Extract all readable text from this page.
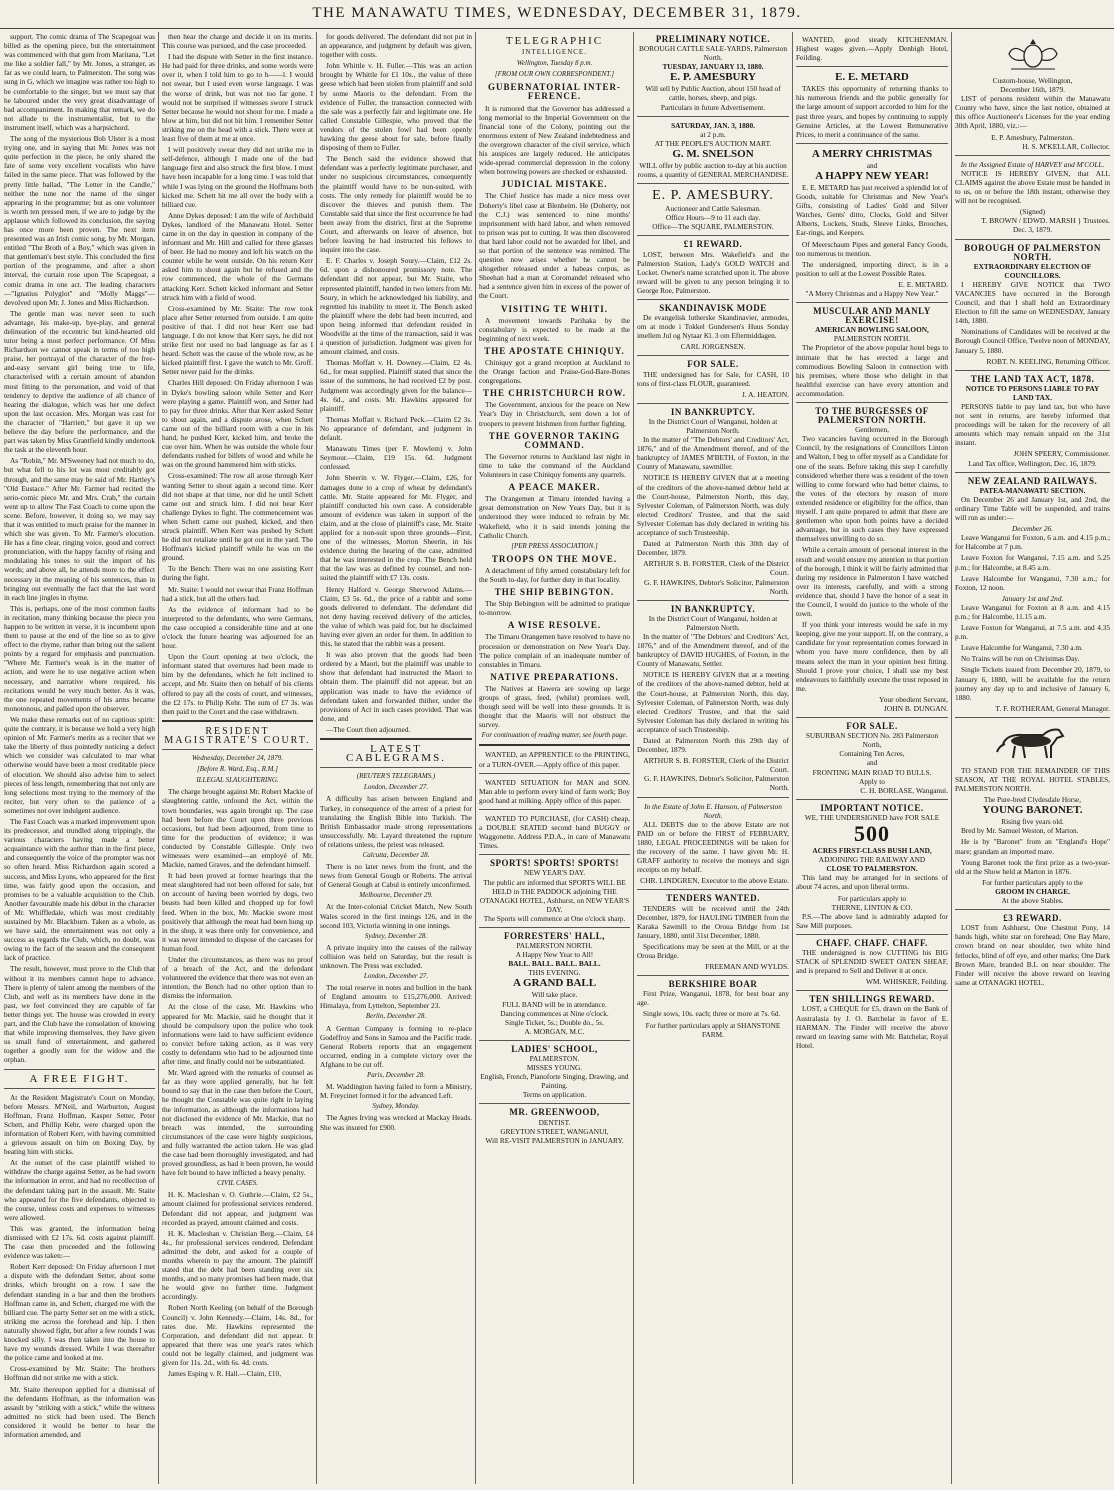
THE MANAWATU TIMES, WEDNESDAY, DECEMBER 31, 1879.

support. The comic drama of The Scapegoat was billed as the opening piece, but the entertainment was commenced with that gem from Maritana, "Let me like a soldier fall," by Mr. Jones, a stranger, as far as we could learn, to Palmerston. The song was sung in G, which we imagine was rather too high to be comfortable to the singer, but we must say that he laboured under the very great disadvantage of bad accompaniment. In making that remark, we do not allude to the instrumentalist, but to the instrument itself, which was a harpsichord.

The song of the mysterious Bob Ulster is a most trying one, and in saying that Mr. Jones was not quite perfection in the piece, he only shared the fate of some very excellent vocalists who have failed in the same piece. That was followed by the pretty little ballad, "The Letter in the Candle," neither the tune nor the name of the singer appearing in the programme; but as one volunteer is worth ten pressed men, if we are to judge by the applause which followed its conclusion, the saying has once more been proven. The next item presented was an Irish comic song, by Mr. Morgan, entitled "The Broth of a Boy," which was given in that gentleman's best style. This concluded the first portion of the programme, and after a short interval, the curtain rose upon The Scapegoat, a comic drama in one act. The leading characters—"Ignatius Polyglot" and "Molly Maggs"—devolved upon Mr. J. Jones and Miss Richardson.

The gentle man was never seen to such advantage, his make-up, bye-play, and general delineation of the eccentric but kind-hearted old tutor being a most perfect performance. Of Miss Richardson we cannot speak in terms of too high praise, her portrayal of the character of the free-and-easy servant girl being true to life, characterised with a certain amount of abandon most fitting to the personation, and void of that tendency to deprive the audience of all chance of hearing the dialogue, which was her one defect upon the last occasion. Mrs. Morgan was cast for the character of "Harriett," but gave it up we believe the day before the performance, and the part was taken by Miss Grantfield kindly undertook the task at the eleventh hour.

As "Robin," Mr. M'Sweeney had not much to do, but what fell to his lot was most creditably got through, and the same may be said of Mr. Hartley's "Old Eustace." After Mr. Farmer had recited the serio-comic piece Mr. and Mrs. Crab," the curtain went up to allow The Fast Coach to come upon the scene. Before, however, it doing so, we may say that it was entitled to much praise for the manner in which she was given. To Mr. Farmer's elocution. He has a fine clear, ringing voice, good and correct pronunciation, with the happy faculty of rising and modulating his tones to suit the import of his words; and above all, he attends more to the effect necessary in the meaning of his sentences, than in bringing out eventually the fact that the last word in each line jingles in rhyme.

This is, perhaps, one of the most common faults in recitation, many thinking because the piece you happen to be written in verse, it is incumbent upon them to pause at the end of the line so as to give effect to the rhyme, rather than bring out the salient points by a regard for emphasis and punctuation. "Where Mr. Farmer's weak is in the matter of action, and were he to use negative action when necessary, and narrative where required, his recitations would be very much better. As it was, the one repeated movements of his arms became monotonous, and palled upon the observer.

We make these remarks out of no captious spirit: quite the contrary, it is because we hold a very high opinion of Mr. Farmer's merits as a reciter that we take the liberty of thus pointedly noticing a defect which we consider was calculated to mar what otherwise would have been a most creditable piece of elocution. We should also advise him to select pieces of less length, remembering that not only are long selections most trying to the memory of the reciter, but very often to the patience of a sometimes not over indulgent audience.

The Fast Coach was a marked improvement upon its predecessor, and trundled along trippingly, the various characters having made a better acquaintance with the author than in the first piece, and consequently the voice of the prompter was not so often heard. Miss Richardson again scored a success, and Miss Lyons, who appeared for the first time, was fairly good upon the occasion, and promises to be a valuable acquisition to the Club. Another favourable made his début in the character of Mr. Whiffledale, which was most creditably sustained by Mr. Blackburn. Taken as a whole, as we have said, the entertainment was not only a success as regards the Club, which, no doubt, was owing to the fact of the season and the consequent lack of practice.

The result, however, must prove to the Club that without it its members cannot hope to advance. There is plenty of talent among the members of the Club, and well as its members have done in the past, we feel convinced they are capable of far better things yet. The house was crowded in every part, and the Club have the consolation of knowing that while improving themselves, they have given us small fund of entertainment, and gathered together a goodly sum for the widow and the orphan.

A FREE FIGHT.

At the Resident Magistrate's Court on Monday, before Messrs. M'Neil, and Warburton, August Hoffman, Franz Hoffman, Kasper Setter, Peter Schett, and Phillip Kehr, were charged upon the information of Robert Kerr, with having committed a grievous assault on him on Boxing Day, by beating him with sticks.

At the outset of the case plaintiff wished to withdraw the charge against Setter, as he had sworn the information in error, and had no recollection of the defendant taking part in the assault. Mr. Staite who appeared for the five defendants, objected to the course, unless costs and expenses to witnesses were allowed.

This was granted, the information being dismissed with £2 17s. 6d. costs against plaintiff. The case then proceeded and the following evidence was taken:—

Robert Kerr deposed: On Friday afternoon I met a dispute with the defendant Setter, about some drinks, which brought on a row. I saw the defendant standing in a bar and then the brothers Hoffman came in, and Schett, charged me with the billiard cue. The party Setter set on me with a stick, striking me across the forehead and hip. I then naturally showed fight, but after a few rounds I was knocked silly. I was then taken into the house to have my wounds dressed. While I was thereafter the police came and looked at me.

Cross-examined by Mr. Staite: The brothers Hoffman did not strike me with a stick.

Mr. Staite thereupon applied for a dismissal of the defendants Hoffman, as the information was assault by "striking with a stick," while the witness admitted no stick had been used. The Bench considered it would be better to hear the information amended, and

then hear the charge and decide it on its merits. This course was pursued, and the case proceeded.

I had the dispute with Setter in the first instance. He had paid for three drinks, and some words were over it, when I told him to go to h——l. I would not swear, but I used even worse language. I was the worse of drink, but was not too far gone. I would not be surprised if witnesses swore I struck Setter because he would not shout for me. I made a blow at him, but did not hit him. I remember Setter striking me on the head with a stick. There were at least five of them at me at once.

I will positively swear they did not strike me in self-defence, although I made one of the bad language first and also struck the first blow. I must have been incapable for a long time. I was told that while I was lying on the ground the Hoffmans both kicked me. Schett hit me all over the body with a billiard cue.

Anne Dykes deposed: I am the wife of Archibald Dykes, landlord of the Manawatu Hotel. Setter came in on the day in question in company of the informant and Mr. Hill and called for three glasses of beer. He had no money and left his watch on the counter while he went outside. On his return Kerr asked him to shout again but he refused and the row commenced, the whole of the Germans attacking Kerr. Schett kicked informant and Setter struck him with a field of wood.

Cross-examined by Mr. Staite: The row took place after Setter returned from outside. I am quite positive of that. I did not hear Kerr use bad language. I do not know that Kerr says, he did not strike first nor used no bad language as far as I heard. Schett was the cause of the whole row, as he kicked plaintiff first. I gave the watch to Mr. Groff. Setter never paid for the drinks.

Charles Hill deposed: On Friday afternoon I was in Dyke's bowling saloon while Setter and Kerr were playing a game. Plaintiff won, and Setter had to pay for three drinks. After that Kerr asked Setter to shout again, and a dispute arose, when Schett came out of the billiard room with a cue in his hand, he pushed Kerr, kicked him, and broke the cue over him. When he was outside the whole four defendants rushed for billets of wood and while he was on the ground hammered him with sticks.

Cross-examined: The row all arose through Kerr wanting Setter to shout again a second time. Kerr did not shape at that time, nor did he until Schett came out and struck him. I did not hear Kerr challenge Dykes to fight. The commencement was when Schett came out pushed, kicked, and then struck plaintiff. When Kerr was pushed by Schett he did not retaliate until he got out in the yard. The Hoffman's kicked plaintiff while he was on the ground.

To the Bench: There was no one assisting Kerr during the fight.

Mr. Staite: I would not swear that Franz Hoffman had a stick, but all the others had.

As the evidence of informant had to be interpreted to the defendants, who were Germans, the case occupied a considerable time and at one o'clock the future hearing was adjourned for an hour.

Upon the Court opening at two o'clock, the informant stated that overtures had been made to him by the defendants, which he felt inclined to accept, and Mr. Staite then on behalf of his clients offered to pay all the costs of court, and witnesses, the £2 17s. to Philip Kehr. The sum of £7 3s. was then paid to the Court and the case withdrawn.

RESIDENT MAGISTRATE'S COURT.
Wednesday, December 24, 1879.
[Before R. Ward, Esq., R.M.]
ILLEGAL SLAUGHTERING.

The charge brought against Mr. Robert Mackie of slaughtering cattle, unfound the Act, within the town boundaries, was again brought up. The case had been before the Court upon three previous occasions, but had been adjourned, from time to time for the production of evidence; it was conducted by Constable Gillespie. Only two witnesses were examined—an employé of Mr. Mackie, named Graves, and the defendant himself.

It had been proved at former hearings that the meat slaughtered had not been offered for sale, but on account of having been worried by dogs, two beasts had been killed and chopped up for fowl feed. When in the box, Mr. Mackie swore most positively that although the meat had been hung up in the shop, it was there only for convenience, and it was never intended to dispose of the carcases for human food.

Under the circumstances, as there was no proof of a breach of the Act, and the defendant volunteered the evidence that there was not even an intention, the Bench had no other option than to dismiss the information.

At the close of the case, Mr. Hawkins who appeared for Mr. Mackie, said he thought that it should be compulsory upon the police who took informations were laid to have sufficient evidence to convict before taking action, as it was very costly to defendants who had to be adjourned time after time, and finally could not be substantiated.

Mr. Ward agreed with the remarks of counsel as far as they were applied generally, but he felt bound to say that in the case then before the Court, he thought the Constable was quite right in laying the information, as although the informations had not disclosed the evidence of Mr. Mackie, that no breach was intended, the surrounding circumstances of the case were highly suspicious, and fully warranted the action taken. He was glad the case had been thoroughly investigated, and had proved groundless, as had it been proven, he would have felt bound to have inflicted a heavy penalty.

CIVIL CASES.

H. K. Macleshan v. O. Guthrie.—Claim, £2 5s., amount claimed for professional services rendered. Defendant did not appear, and judgment was recorded as prayed, amount claimed and costs.

H. K. Macleshan v. Christian Berg.—Claim, £4 4s., for professional services rendered. Defendant admitted the debt, and asked for a couple of months wherein to pay the amount. The plaintiff stated that the debt had been standing over six months, and so many promises had been made, that he would give no further time. Judgment accordingly.

Robert North Keeling (on behalf of the Borough Council) v. John Kennedy.—Claim, 14s. 8d., for rates due. Mr. Hawkins represented the Corporation, and defendant did not appear. It appeared that there was one year's rates which could not be legally claimed, and judgment was given for 11s. 2d., with 6s. 4d. costs.

James Esping v. R. Hall.—Claim, £10,

for goods delivered. The defendant did not put in an appearance, and judgment by default was given, together with costs.

John Whittle v. H. Fuller.—This was an action brought by Whittle for £1 10s., the value of three geese which had been stolen from plaintiff and sold by some Maoris to the defendant. From the evidence of Fuller, the transaction connected with the sale was a perfectly fair and legitimate one. He called Constable Gillespie, who proved that the vendors of the stolen fowl had been openly hawking the geese about for sale, before finally disposing of them to Fuller.

The Bench said the evidence showed that defendant was a perfectly legitimate purchaser, and under no suspicious circumstances, consequently the plaintiff would have to be non-suited, with costs. The only remedy for plaintiff would be to discover the thieves and punish them. The Constable said that since the first occurrence he had been away from the district, first at the Supreme Court, and afterwards on leave of absence, but before leaving he had instructed his fellows to inquire into the case.

E. F. Charles v. Joseph Soury.—Claim, £12 2s. 6d. upon a dishonoured promissory note. The defendant did not appear, but Mr. Staite, who represented plaintiff, handed in two letters from Mr. Soury, in which he acknowledged his liability, and regretted his inability to meet it. The Bench asked the plaintiff where the debt had been incurred, and upon being informed that defendant resided in Woodville at the time of the transaction, said it was a question of jurisdiction. Judgment was given for amount claimed, and costs.

Thomas Moffatt v. H. Downey.—Claim, £2 4s. 6d., for meat supplied. Plaintiff stated that since the issue of the summons, he had received £2 by post. Judgment was accordingly given for the balance—4s. 6d., and costs. Mr. Hawkins appeared for plaintiff.

Thomas Moffatt v. Richard Peck.—Claim £2 3s. No appearance of defendant, and judgment in default.

Manawatu Times (per F. Mowlem) v. John Seymour.—Claim, £19 15s. 6d. Judgment confessed.

John Sheerin v. W. Flyger.—Claim, £26, for damages done to a crop of wheat by defendant's cattle. Mr. Staite appeared for Mr. Flyger, and plaintiff conducted his own case. A considerable amount of evidence was taken in support of the claim, and at the close of plaintiff's case, Mr. Staite applied for a non-suit upon three grounds—First, one of the witnesses, Morton Sheerin, in his evidence during the hearing of the case, admitted that he was interested in the crop. The Bench held that the law was as defined by counsel, and non-suited the plaintiff with £7 13s. costs.

Henry Halford v. George Sherwood Adams.—Claim, £3 5s. 6d., the price of a rabbit and some goods delivered to defendant. The defendant did not deny having received delivery of the articles, the value of which was paid for, but he disclaimed having ever given an order for them. In addition to this, he stated that the rabbit was a present.

It was also proven that the goods had been ordered by a Maori, but the plaintiff was unable to show that defendant had instructed the Maori to obtain them. The plaintiff did not appear, but an application was made to have the evidence of defendant taken and forwarded thither, under the provisions of Act in such cases provided. That was done, and

—The Court then adjourned.

LATEST CABLEGRAMS.
(REUTER'S TELEGRAMS.)
London, December 27.

A difficulty has arisen between England and Turkey, in consequence of the arrest of a priest for translating the English Bible into Turkish. The British Embassador made strong representations unsuccessfully. Mr. Layard threatened the rupture of relations unless, the priest was released.

Calcutta, December 28.

There is no later news from the front, and the news from General Gough or Roberts. The arrival of General Gough at Cabul is entirely unconfirmed.

Melbourne, December 29.

At the Inter-colonial Cricket Match, New South Wales scored in the first innings 126, and in the second 103, Victoria winning in one innings.

Sydney, December 28.

A private inquiry into the causes of the railway collision was held on Saturday, but the result is unknown. The Press was excluded.

London, December 27.

The total reserve in notes and bullion in the bank of England amounts to £15,276,000. Arrived: Himalaya, from Lyttelton, September 23.

Berlin, December 28.

A German Company is forming to re-place Godeffroy and Sons in Samoa and the Pacific trade. General Roberts reports that an engagement occurred, ending in a complete victory over the Afghans to be cut off.

Paris, December 28.

M. Waddington having failed to form a Ministry, M. Freycinet formed it for the advanced Left.

Sydney, Monday.

The Agnes Irving was wrecked at Mackay Heads. She was insured for £900.

TELEGRAPHIC
INTELLIGENCE.
Wellington, Tuesday 8 p.m.
[FROM OUR OWN CORRESPONDENT.]
GUBERNATORIAL INTER-FERENCE.

It is rumored that the Governor has addressed a long memorial to the Imperial Government on the financial tone of the Colony, pointing out the enormous extent of New Zealand indebtedness and the overgrown character of the civil service, which his auspices are largely reduced. He anticipates wide-spread commercial depression in the colony when borrowing powers are checked or exhausted.

JUDICIAL MISTAKE.

The Chief Justice has made a nice mess over Doherty's libel case at Blenheim. He (Doherty, not the C.J.) was sentenced to nine months' imprisonment with hard labor, and when removed to prison was put to cutting. It was then discovered that hard labor could not be awarded for libel, and so that portion of the sentence was remitted. The question now arises whether he cannot be altogether released under a habeas corpus, as Sheehan had a man at Coromandel released who had a sentence given him in excess of the power of the Court.

VISITING TE WHITI.

A movement towards Parihaka by the constabulary is expected to be made at the beginning of next week.

THE APOSTATE CHINIQUY.

Chiniquy got a grand reception at Auckland to the Orange faction and Praise-God-Bare-Bones congregations.

THE CHRISTCHURCH ROW.

The Government, anxious for the peace on New Year's Day in Christchurch, sent down a lot of troopers to prevent Irishmen from further fighting.

THE GOVERNOR TAKING COMMAND.

The Governor returns to Auckland last night in time to take the command of the Auckland Volunteers in case Chiniquy foments any quarrels.

A PEACE MAKER.

The Orangemen at Timaru intended having a great demonstration on New Years Day, but it is understood they were induced to refrain by Mr. Wakefield, who it is said intends joining the Catholic Church.

[PER PRESS ASSOCIATION.]
TROOPS ON THE MOVE.

A detachment of fifty armed constabulary left for the South to-day, for further duty in that locality.

THE SHIP BEBINGTON.

The Ship Bebington will be admitted to pratique to-morrow.

A WISE RESOLVE.

The Timaru Orangemen have resolved to have no procession or demonstration on New Year's Day. The police complain of an inadequate number of constables in Timaru.

NATIVE PREPARATIONS.

The Natives at Hawera are sowing up large groups of grass, feed, (whilst) promises well, though seed will be well into these grounds. It is thought that the Maoris will not obstruct the survey.

For continuation of reading matter, see fourth page.

WANTED, an APPRENTICE to the PRINTING, or a TURN-OVER.—Apply office of this paper.

WANTED SITUATION for MAN and SON. Man able to perform every kind of farm work; Boy good hand at milking. Apply office of this paper.

WANTED TO PURCHASE, (for CASH) cheap, a DOUBLE SEATED second hand BUGGY or Waggonette. Address P.D.A., in care of Manawatu Times.

SPORTS! SPORTS! SPORTS!
NEW YEAR'S DAY.
The public are informed that SPORTS WILL BE HELD in THE PADDOCK adjoining THE OTANAGKI HOTEL, Ashhurst, on NEW YEAR'S DAY.
The Sports will commence at One o'clock sharp.
FORRESTERS' HALL,
PALMERSTON NORTH.
A Happy New Year to All!
BALL. BALL. BALL. BALL.
THIS EVENING.
A GRAND BALL
Will take place.
FULL BAND will be in attendance.
Dancing commences at Nine o'clock.
Single Ticket, 5s.; Double do., 5s.
A. MORGAN, M.C.
LADIES' SCHOOL,
PALMERSTON.
MISSES YOUNG.
English, French, Pianoforte Singing, Drawing, and Painting.
Terms on application.
MR. GREENWOOD,
DENTIST.
GREYTON STREET, WANGANUI,
Will RE-VISIT PALMERSTON in JANUARY.
PRELIMINARY NOTICE.
BOROUGH CATTLE SALE-YARDS, Palmerston North.
TUESDAY, JANUARY 13, 1880.
E. P. AMESBURY
Will sell by Public Auction, about 150 head of cattle, horses, sheep, and pigs.
Particulars in future Advertisement.
SATURDAY, JAN. 3, 1880.
at 2 p.m.
AT THE PEOPLE'S AUCTION MART.
G. M. SNELSON
WILL offer by public auction to-day at his auction rooms, a quantity of GENERAL MERCHANDISE.
E. P. AMESBURY.
Auctioneer and Cattle Salesman.
Office Hours—9 to 11 each day.
Office—The SQUARE, PALMERSTON.
£1 REWARD.

LOST, between Mrs. Wakefield's and the Palmerston Station, Lady's GOLD WATCH and Locket. Owner's name scratched upon it. The above reward will be given to any person bringing it to George Roe, Palmerston.

SKANDINAVISK MODE

De evangelisk lutherske Skandinavier, anmodes, om at mode i Tokkel Gundersen's Huus Sonday imellem Jul og Nytaar Kl. 3 om Eftermiddagen.

CARL JORGENSEN.
FOR SALE.

THE undersigned has for Sale, for CASH, 10 tons of first-class FLOUR, guaranteed.

J. A. HEATON.
IN BANKRUPTCY.
In the District Court of Wanganui, holden at Palmerston North.

In the matter of "The Debtors' and Creditors' Act, 1876," and of the Amendment thereof, and of the bankruptcy of JAMES M'BETH, of Foxton, in the County of Manawatu, sawmiller.

NOTICE IS HEREBY GIVEN that at a meeting of the creditors of the above-named debtor held at the Court-house, Palmerston North, this day, Sylvester Coleman, of Palmerston North, was duly elected Creditors' Trustee, and that the said Sylvester Coleman has duly declared in writing his acceptance of such Trusteeship.

Dated at Palmerston North this 30th day of December, 1879.

ARTHUR S. B. FORSTER, Clerk of the District Court.
G. F. HAWKINS, Debtor's Solicitor, Palmerston North.
IN BANKRUPTCY.
In the District Court of Wanganui, holden at Palmerston North.

In the matter of "The Debtors' and Creditors' Act, 1876," and of the Amendment thereof, and of the bankruptcy of DAVID HUGHES, of Foxton, in the County of Manawatu, Settler.

NOTICE IS HEREBY GIVEN that at a meeting of the creditors of the above-named debtor, held at the Court-house, at Palmerston North, this day, Sylvester Coleman, of Palmerston North, was duly elected Creditors' Trustee, and that the said Sylvester Coleman has duly declared in writing his acceptance of such Trusteeship.

Dated at Palmerston North this 29th day of December, 1879.

ARTHUR S. B. FORSTER, Clerk of the District Court.
G. F. HAWKINS, Debtor's Solicitor, Palmerston North.
In the Estate of John E. Hanson, of Palmerston North.

ALL DEBTS due to the above Estate are not PAID on or before the FIRST of FEBRUARY, 1880, LEGAL PROCEEDINGS will be taken for the recovery of the same. I have given Mr. H. GRAFF authority to receive the moneys and sign receipts on my behalf.

CHR. LINDGREN, Executor to the above Estate.
TENDERS WANTED.

TENDERS will be received until the 24th December, 1879, for HAULING TIMBER from the Karaka Sawmill to the Oroua Bridge from 1st January, 1880, until 31st December, 1880.

Specifications may be seen at the Mill, or at the Oroua Bridge.

FREEMAN AND WYLDS.
BERKSHIRE BOAR

First Prize, Wanganui, 1878, for best boar any age.

Single sows, 10s. each; three or more at 7s. 6d.

For further particulars apply at SHANSTONE FARM.

WANTED, good steady KITCHENMAN. Highest wages given.—Apply Denbigh Hotel, Feilding.

E. E. METARD

TAKES this opportunity of returning thanks to his numerous friends and the public generally for the large amount of support accorded to him for the past three years, and hopes by continuing to supply Genuine Articles, at the Lowest Remunerative Prices, to merit a continuance of the same.

A MERRY CHRISTMAS
and
A HAPPY NEW YEAR!

E. E. METARD has just received a splendid lot of Goods, suitable for Christmas and New Year's Gifts, consisting of Ladies' Gold and Silver Watches, Gents' ditto, Clocks, Gold and Silver Alberts, Lockets, Studs, Sleeve Links, Brooches, Ear-rings, and Keepers.

Of Meerschaum Pipes and general Fancy Goods, too numerous to mention.

The undersigned, importing direct, is in a position to sell at the Lowest Possible Rates.

E. E. METARD.
"A Merry Christmas and a Happy New Year."
MUSCULAR AND MANLY EXERCISE!
AMERICAN BOWLING SALOON,
PALMERSTON NORTH.

The Proprietor of the above popular hotel begs to intimate that he has erected a large and commodious Bowling Saloon in connection with his premises, where those who delight in that healthful exercise can have every attention and accommodation.

TO THE BURGESSES OF PALMERSTON NORTH.
Gentlemen,

Two vacancies having occurred in the Borough Council, by the resignations of Councillors Linton and Walton, I beg to offer myself as a Candidate for one of the seats. Before taking this step I carefully considered whether there was a resident of the town willing to come forward who had better claims, to the votes of the electors by reason of more extended residence or eligibility for the office, than myself. I am quite prepared to admit that there are gentlemen who upon both points have a decided advantage, but in such cases they have expressed themselves unwilling to do so.

While a certain amount of personal interest in the result and would ensure my attention to that portion of the borough, I think it will be fairly admitted that during my residence in Palmerston I have watched over its interests, carefully, and with a strong evidence that, should I have the honor of a seat in the Council, I would do justice to the whole of the town.

If you think your interests would be safe in my keeping, give me your support. If, on the contrary, a candidate for your representation comes forward in whom you have more confidence, then by all means select the man in your opinion best fitting. Should I prove your choice, I shall use my best endeavours to faithfully execute the trust reposed in me.

Your obedient Servant,
JOHN B. DUNGAN.
FOR SALE.
SUBURBAN SECTION No. 283 Palmerston North,
Containing Ten Acres,
and
FRONTING MAIN ROAD TO BULLS.
Apply to
C. H. BORLASE, Wanganui.
IMPORTANT NOTICE.
WE, THE UNDERSIGNED have FOR SALE
500
ACRES FIRST-CLASS BUSH LAND,
ADJOINING THE RAILWAY AND
CLOSE TO PALMERSTON.

This land may be arranged for in sections of about 74 acres, and upon liberal terms.

For particulars apply to
THERNE, LINTON & CO.

P.S.—The above land is admirably adapted for Saw Mill purposes.

CHAFF. CHAFF. CHAFF.

THE undersigned is now CUTTING his BIG STACK of SPLENDID SWEET OATEN SHEAF, and is prepared to Sell and Deliver it at once.

WM. WHISKER, Feilding.
TEN SHILLINGS REWARD.

LOST, a CHEQUE for £5, drawn on the Bank of Australasia by J. O. Batchelar in favor of E. HARMAN. The Finder will receive the above reward on leaving same with Mr. Batchelar, Royal Hotel.

Custom-house, Wellington,
December 16th, 1879.

LIST of persons resident within the Manawatu County who have, since the last notice, obtained at this office Auctioneer's Licenses for the year ending 30th April, 1880, viz.:—

E. P. Amesbury, Palmerston.
H. S. M'KELLAR, Collector.
In the Assigned Estate of HARVEY and M'COLL.

NOTICE IS HEREBY GIVEN, that ALL CLAIMS against the above Estate must be handed in to us, on or before the 18th instant, otherwise they will not be recognised.

(Signed)
T. BROWN / EDWD. MARSH } Trustees.
Dec. 3, 1879.
BOROUGH OF PALMERSTON NORTH.
EXTRAORDINARY ELECTION OF COUNCILLORS.

I HEREBY GIVE NOTICE that TWO VACANCIES have occurred in the Borough Council, and that I shall hold an Extraordinary Election to fill the same on WEDNESDAY, January 14th, 1880.

Nominations of Candidates will be received at the Borough Council Office, Twelve noon of MONDAY, January 5, 1880.

ROBT. N. KEELING, Returning Officer.
THE LAND TAX ACT, 1878.
NOTICE TO PERSONS LIABLE TO PAY LAND TAX.

PERSONS liable to pay land tax, but who have not sent in returns, are hereby informed that proceedings will be taken for the recovery of all amounts which may remain unpaid on the 31st instant.

JOHN SPEERY, Commissioner.
Land Tax office, Wellington, Dec. 16, 1879.
NEW ZEALAND RAILWAYS.
PATEA-MANAWATU SECTION.

On December 26 and January 1st, and 2nd, the ordinary Time Table will be suspended, and trains will run as under:—

December 26.

Leave Wanganui for Foxton, 6 a.m. and 4.15 p.m.; for Halcombe at 7 p.m.

Leave Foxton for Wanganui, 7.15 a.m. and 5.25 p.m.; for Halcombe, at 8.45 a.m.

Leave Halcombe for Wanganui, 7.30 a.m.; for Foxton, 12 noon.

January 1st and 2nd.

Leave Wanganui for Foxton at 8 a.m. and 4.15 p.m.; for Halcombe, 11.15 a.m.

Leave Foxton for Wanganui, at 7.5 a.m. and 4.35 p.m.

Leave Halcombe for Wanganui, 7.30 a.m.

No Trains will be run on Christmas Day.

Single Tickets issued from December 20, 1879, to January 6, 1880, will be available for the return journey any day up to and inclusive of January 6, 1880.

T. F. ROTHERAM, General Manager.

TO STAND FOR THE REMAINDER OF THIS SEASON, AT THE ROYAL HOTEL STABLES, PALMERSTON NORTH.

The Pure-bred Clydesdale Horse,
YOUNG BARONET.
Rising five years old.

Bred by Mr. Samuel Weston, of Marton.

He is by "Baronet" from an "England's Hope" mare; grandam an imported mare.

Young Baronet took the first prize as a two-year-old at the Show held at Marton in 1876.

For further particulars apply to the
GROOM IN CHARGE.
At the above Stables.
£3 REWARD.

LOST from Ashhurst, One Chestnut Pony, 14 hands high, white star on forehead; One Bay Mare, crown brand on near shoulder, two white hind fetlocks, blind of off eye, and other marks; One Dark Brown Mare, branded B.L on near shoulder. The Finder will receive the above reward on leaving same at OTANAGKI HOTEL.
